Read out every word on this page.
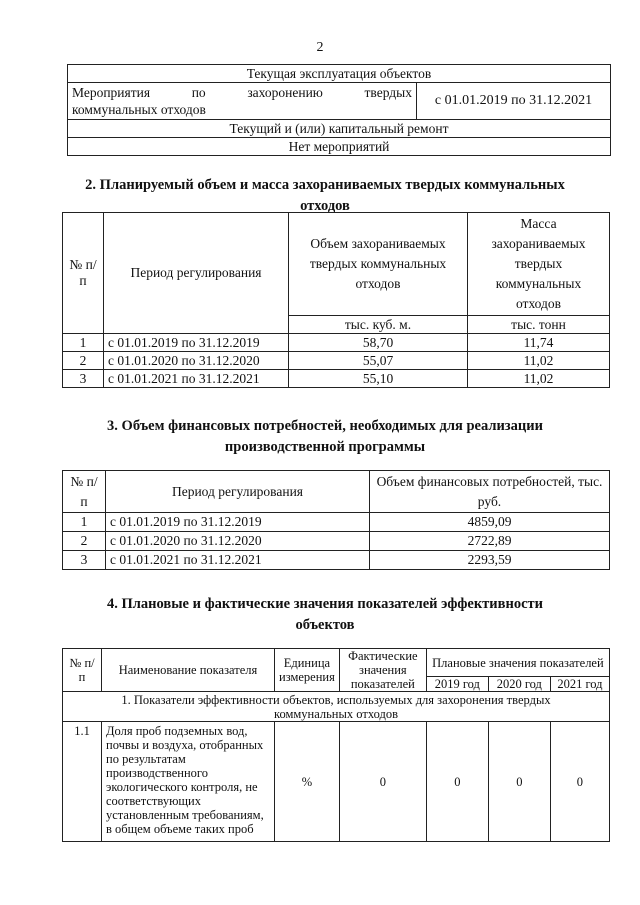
2
Текущая эксплуатация объектов

Мероприятия	по	захоронению	твердых
коммунальных отходов
	с 01.01.2019 по 31.12.2021
Текущий и (или) капитальный ремонт
Нет мероприятий
2. Планируемый объем и масса захораниваемых твердых коммунальных
отходов
№ п/п	Период регулирования	Объем захораниваемых твердых коммунальных отходов	Масса захораниваемых твердых коммунальных отходов
		тыс. куб. м.	тыс. тонн
1	с 01.01.2019 по 31.12.2019	58,70	11,74
2	с 01.01.2020 по 31.12.2020	55,07	11,02
3	с 01.01.2021 по 31.12.2021	55,10	11,02
3. Объем финансовых потребностей, необходимых для реализации
производственной программы
№ п/п	Период регулирования	Объем финансовых потребностей, тыс. руб.
1	с 01.01.2019 по 31.12.2019	4859,09
2	с 01.01.2020 по 31.12.2020	2722,89
3	с 01.01.2021 по 31.12.2021	2293,59
4. Плановые и фактические значения показателей эффективности
объектов
№ п/п	Наименование показателя	Единица измерения	Фактические значения показателей	Плановые значения показателей		
				2019 год	2020 год	2021 год
1. Показатели эффективности объектов, используемых для захоронения твердых коммунальных отходов						
1.1	Доля проб подземных вод, почвы и воздуха, отобранных по результатам производственного экологического контроля, не соответствующих установленным требованиям, в общем объеме таких проб	%	0	0	0	0
